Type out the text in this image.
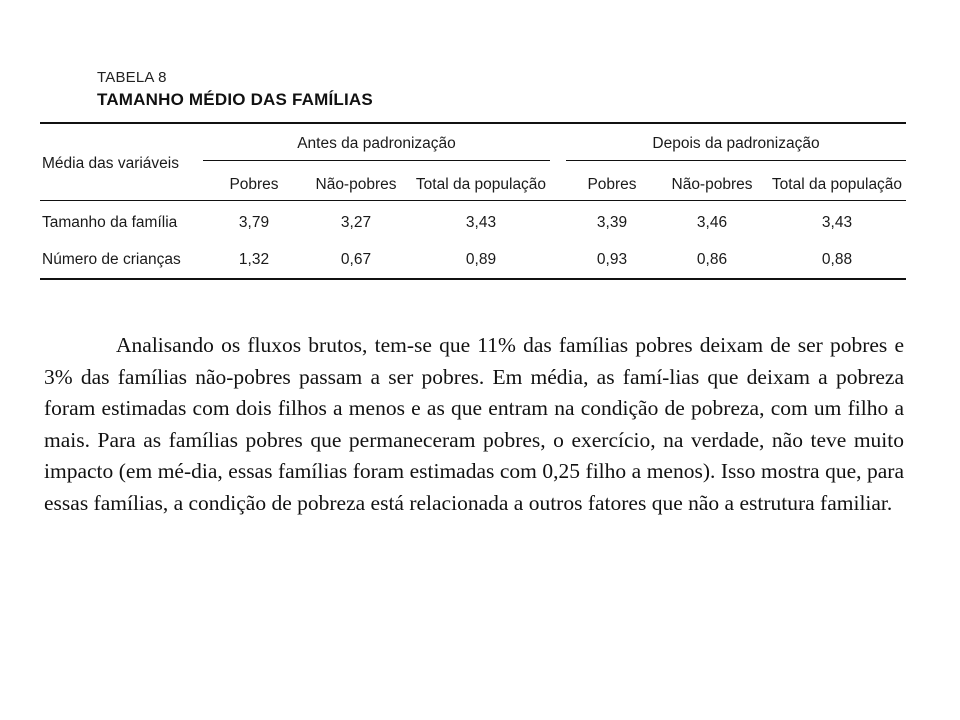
TABELA 8
TAMANHO MÉDIO DAS FAMÍLIAS
Média das variáveis
Antes da padronização	Depois da padronização
Pobres	Não-pobres	Total da população	Pobres	Não-pobres	Total da população
Tamanho da família	3,79	3,27	3,43	3,39	3,46	3,43
Número de crianças	1,32	0,67	0,89	0,93	0,86	0,88

Analisando os fluxos brutos, tem-se que 11% das famílias pobres deixam de ser pobres e 3% das famílias não-pobres passam a ser pobres. Em média, as famí-lias que deixam a pobreza foram estimadas com dois filhos a menos e as que entram na condição de pobreza, com um filho a mais. Para as famílias pobres que permaneceram pobres, o exercício, na verdade, não teve muito impacto (em mé-dia, essas famílias foram estimadas com 0,25 filho a menos). Isso mostra que, para essas famílias, a condição de pobreza está relacionada a outros fatores que não a estrutura familiar.
